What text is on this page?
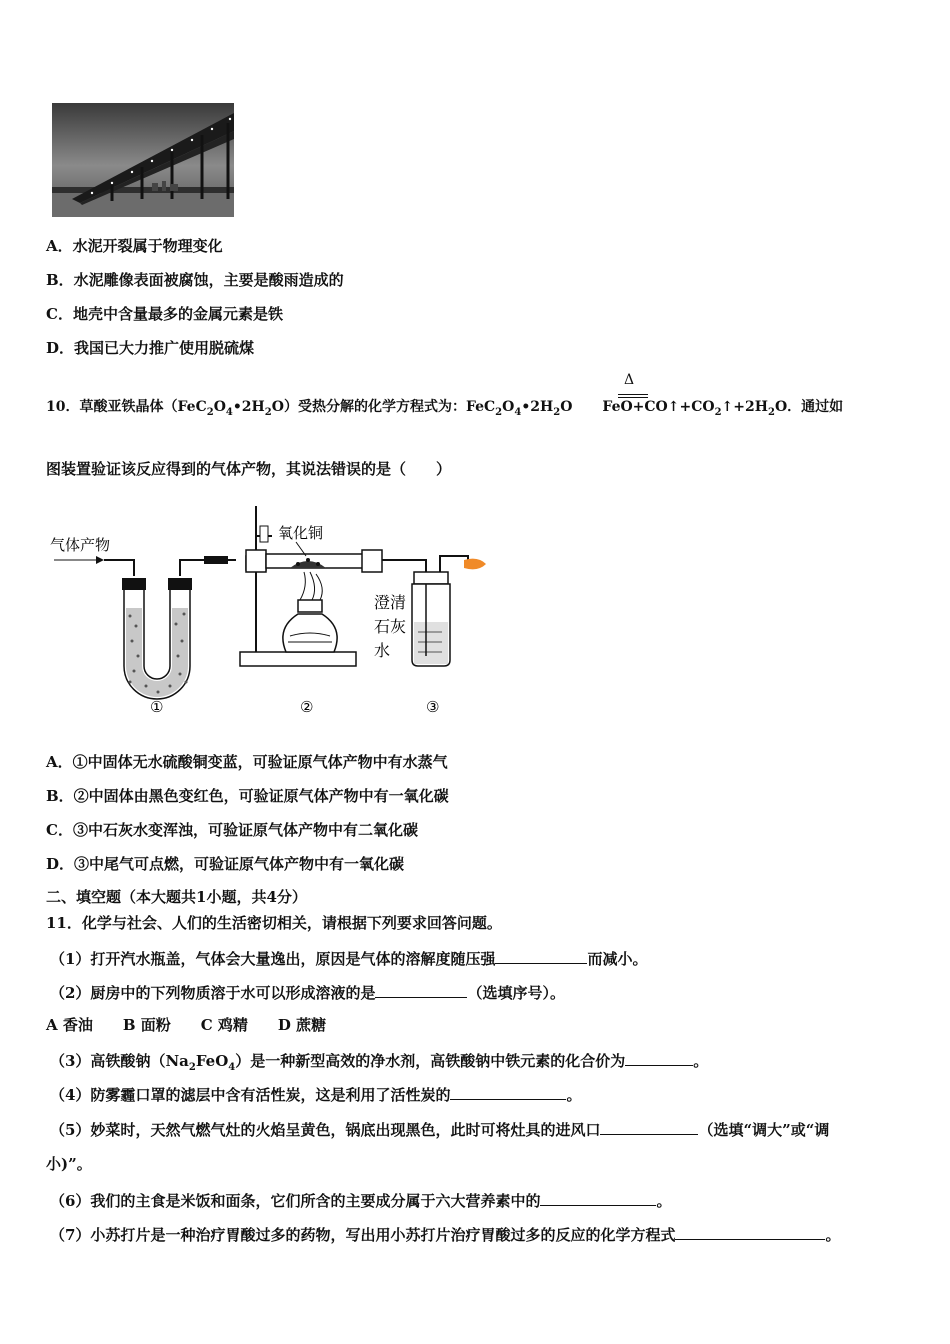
A．水泥开裂属于物理变化
B．水泥雕像表面被腐蚀，主要是酸雨造成的
C．地壳中含量最多的金属元素是铁
D．我国已大力推广使用脱硫煤
Δ
10．草酸亚铁晶体$(FeC_2O_4•2H_2O)$受热分解的化学方程式为：$FeC_2O_4•2H_2O$ $FeO+CO↑+CO_2↑+2H_2O$．通过如
图装置验证该反应得到的气体产物，其说法错误的是（　　）
气体产物
氧化铜
澄清
石灰
水
①	②	③
A．①中固体无水硫酸铜变蓝，可验证原气体产物中有水蒸气
B．②中固体由黑色变红色，可验证原气体产物中有一氧化碳
C．③中石灰水变浑浊，可验证原气体产物中有二氧化碳
D．③中尾气可点燃，可验证原气体产物中有一氧化碳
二、填空题（本大题共1小题，共4分）
11．化学与社会、人们的生活密切相关，请根据下列要求回答问题。
（1）打开汽水瓶盖，气体会大量逸出，原因是气体的溶解度随压强	而减小。
（2）厨房中的下列物质溶于水可以形成溶液的是	（选填序号）。
A 香油　　B 面粉　　C 鸡精　　D 蔗糖
（3）高铁酸钠$(Na_2FeO_4)$是一种新型高效的净水剂，高铁酸钠中铁元素的化合价为	。
（4）防雾霾口罩的滤层中含有活性炭，这是利用了活性炭的	。
（5）妙菜时，天然气燃气灶的火焰呈黄色，锅底出现黑色，此时可将灶具的进风口	（选填“调大”或“调
小)”。
（6）我们的主食是米饭和面条，它们所含的主要成分属于六大营养素中的	。
（7）小苏打片是一种治疗胃酸过多的药物，写出用小苏打片治疗胃酸过多的反应的化学方程式	。
